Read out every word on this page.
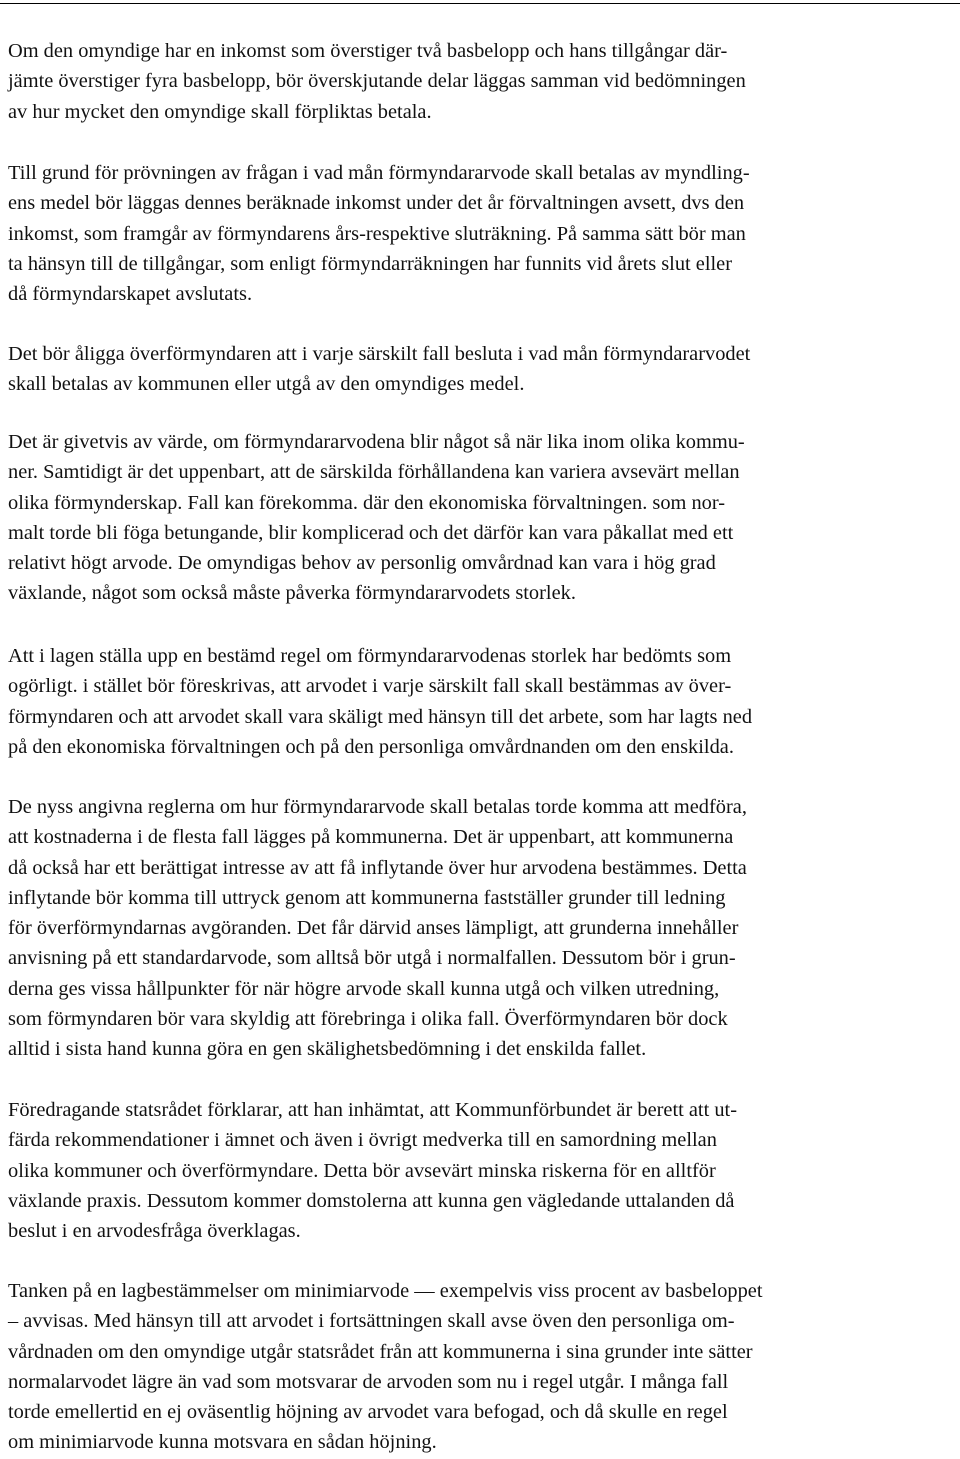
Om den omyndige har en inkomst som överstiger två basbelopp och hans tillgångar där-
jämte överstiger fyra basbelopp, bör överskjutande delar läggas samman vid bedömningen
av hur mycket den omyndige skall förpliktas betala.
Till grund för prövningen av frågan i vad mån förmyndararvode skall betalas av myndling-
ens medel bör läggas dennes beräknade inkomst under det år förvaltningen avsett, dvs den
inkomst, som framgår av förmyndarens års-respektive sluträkning. På samma sätt bör man
ta hänsyn till de tillgångar, som enligt förmyndarräkningen har funnits vid årets slut eller
då förmyndarskapet avslutats.
Det bör åligga överförmyndaren att i varje särskilt fall besluta i vad mån förmyndararvodet
skall betalas av kommunen eller utgå av den omyndiges medel.
Det är givetvis av värde, om förmyndararvodena blir något så när lika inom olika kommu-
ner. Samtidigt är det uppenbart, att de särskilda förhållandena kan variera avsevärt mellan
olika förmynderskap. Fall kan förekomma. där den ekonomiska förvaltningen. som nor-
malt torde bli föga betungande, blir komplicerad och det därför kan vara påkallat med ett
relativt högt arvode. De omyndigas behov av personlig omvårdnad kan vara i hög grad
växlande, något som också måste påverka förmyndararvodets storlek.
Att i lagen ställa upp en bestämd regel om förmyndararvodenas storlek har bedömts som
ogörligt. i stället bör föreskrivas, att arvodet i varje särskilt fall skall bestämmas av över-
förmyndaren och att arvodet skall vara skäligt med hänsyn till det arbete, som har lagts ned
på den ekonomiska förvaltningen och på den personliga omvårdnanden om den enskilda.
De nyss angivna reglerna om hur förmyndararvode skall betalas torde komma att medföra,
att kostnaderna i de flesta fall lägges på kommunerna. Det är uppenbart, att kommunerna
då också har ett berättigat intresse av att få inflytande över hur arvodena bestämmes. Detta
inflytande bör komma till uttryck genom att kommunerna fastställer grunder till ledning
för överförmyndarnas avgöranden. Det får därvid anses lämpligt, att grunderna innehåller
anvisning på ett standardarvode, som alltså bör utgå i normalfallen. Dessutom bör i grun-
derna ges vissa hållpunkter för när högre arvode skall kunna utgå och vilken utredning,
som förmyndaren bör vara skyldig att förebringa i olika fall. Överförmyndaren bör dock
alltid i sista hand kunna göra en gen skälighetsbedömning i det enskilda fallet.
Föredragande statsrådet förklarar, att han inhämtat, att Kommunförbundet är berett att ut-
färda rekommendationer i ämnet och även i övrigt medverka till en samordning mellan
olika kommuner och överförmyndare. Detta bör avsevärt minska riskerna för en alltför
växlande praxis. Dessutom kommer domstolerna att kunna gen vägledande uttalanden då
beslut i en arvodesfråga överklagas.
Tanken på en lagbestämmelser om minimiarvode — exempelvis viss procent av basbeloppet
– avvisas. Med hänsyn till att arvodet i fortsättningen skall avse öven den personliga om-
vårdnaden om den omyndige utgår statsrådet från att kommunerna i sina grunder inte sätter
normalarvodet lägre än vad som motsvarar de arvoden som nu i regel utgår. I många fall
torde emellertid en ej oväsentlig höjning av arvodet vara befogad, och då skulle en regel
om minimiarvode kunna motsvara en sådan höjning.
